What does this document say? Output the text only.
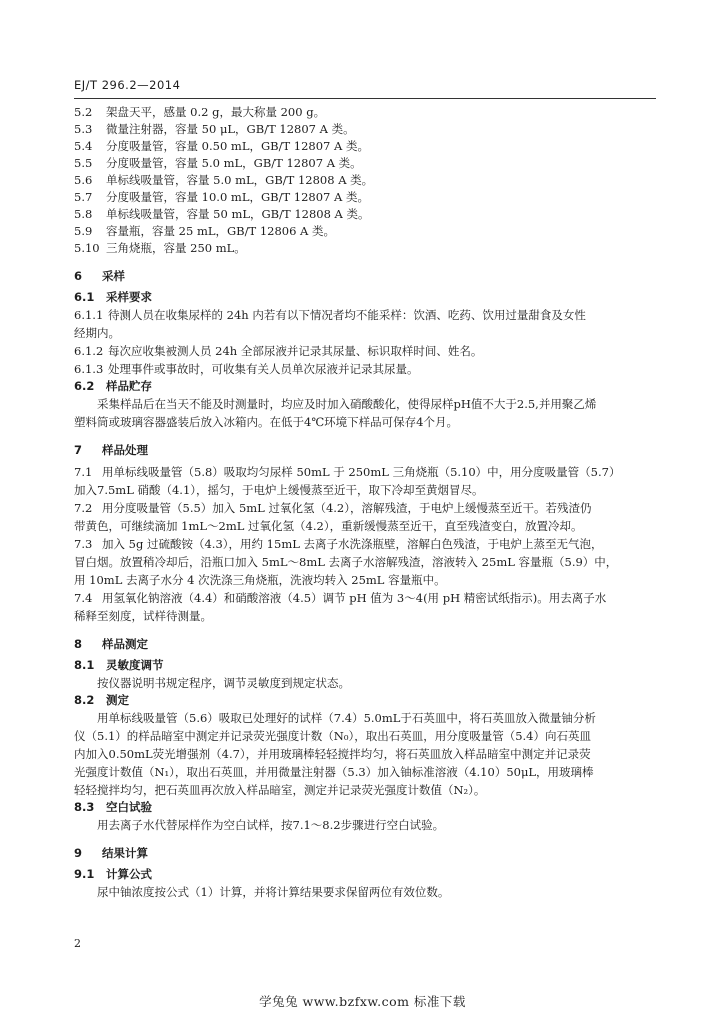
EJ/T 296.2—2014
5.2 架盘天平，感量 0.2 g，最大称量 200 g。
5.3 微量注射器，容量 50 μL，GB/T 12807 A 类。
5.4 分度吸量管，容量 0.50 mL，GB/T 12807 A 类。
5.5 分度吸量管，容量 5.0 mL，GB/T 12807 A 类。
5.6 单标线吸量管，容量 5.0 mL，GB/T 12808 A 类。
5.7 分度吸量管，容量 10.0 mL，GB/T 12807 A 类。
5.8 单标线吸量管，容量 50 mL，GB/T 12808 A 类。
5.9 容量瓶，容量 25 mL，GB/T 12806 A 类。
5.10 三角烧瓶，容量 250 mL。
6 采样
6.1 采样要求
6.1.1 待测人员在收集尿样的 24h 内若有以下情况者均不能采样：饮酒、吃药、饮用过量甜食及女性
经期内。
6.1.2 每次应收集被测人员 24h 全部尿液并记录其尿量、标识取样时间、姓名。
6.1.3 处理事件或事故时，可收集有关人员单次尿液并记录其尿量。
6.2 样品贮存
采集样品后在当天不能及时测量时，均应及时加入硝酸酸化，使得尿样pH值不大于2.5,并用聚乙烯
塑料筒或玻璃容器盛装后放入冰箱内。在低于4℃环境下样品可保存4个月。
7 样品处理
7.1 用单标线吸量管（5.8）吸取均匀尿样 50mL 于 250mL 三角烧瓶（5.10）中，用分度吸量管（5.7）
加入7.5mL 硝酸（4.1），摇匀，于电炉上缓慢蒸至近干，取下冷却至黄烟冒尽。
7.2 用分度吸量管（5.5）加入 5mL 过氧化氢（4.2），溶解残渣，于电炉上缓慢蒸至近干。若残渣仍
带黄色，可继续滴加 1mL～2mL 过氧化氢（4.2），重新缓慢蒸至近干，直至残渣变白，放置冷却。
7.3 加入 5g 过硫酸铵（4.3），用约 15mL 去离子水洗涤瓶壁，溶解白色残渣，于电炉上蒸至无气泡，
冒白烟。放置稍冷却后，沿瓶口加入 5mL～8mL 去离子水溶解残渣，溶液转入 25mL 容量瓶（5.9）中，
用 10mL 去离子水分 4 次洗涤三角烧瓶，洗液均转入 25mL 容量瓶中。
7.4 用氢氧化钠溶液（4.4）和硝酸溶液（4.5）调节 pH 值为 3～4(用 pH 精密试纸指示)。用去离子水
稀释至刻度，试样待测量。
8 样品测定
8.1 灵敏度调节
按仪器说明书规定程序，调节灵敏度到规定状态。
8.2 测定
用单标线吸量管（5.6）吸取已处理好的试样（7.4）5.0mL于石英皿中，将石英皿放入微量铀分析
仪（5.1）的样品暗室中测定并记录荧光强度计数（N₀），取出石英皿，用分度吸量管（5.4）向石英皿
内加入0.50mL荧光增强剂（4.7），并用玻璃棒轻轻搅拌均匀，将石英皿放入样品暗室中测定并记录荧
光强度计数值（N₁），取出石英皿，并用微量注射器（5.3）加入铀标准溶液（4.10）50μL，用玻璃棒
轻轻搅拌均匀，把石英皿再次放入样品暗室，测定并记录荧光强度计数值（N₂）。
8.3 空白试验
用去离子水代替尿样作为空白试样，按7.1～8.2步骤进行空白试验。
9 结果计算
9.1 计算公式
尿中铀浓度按公式（1）计算，并将计算结果要求保留两位有效位数。
2
学兔兔 www.bzfxw.com 标准下载
